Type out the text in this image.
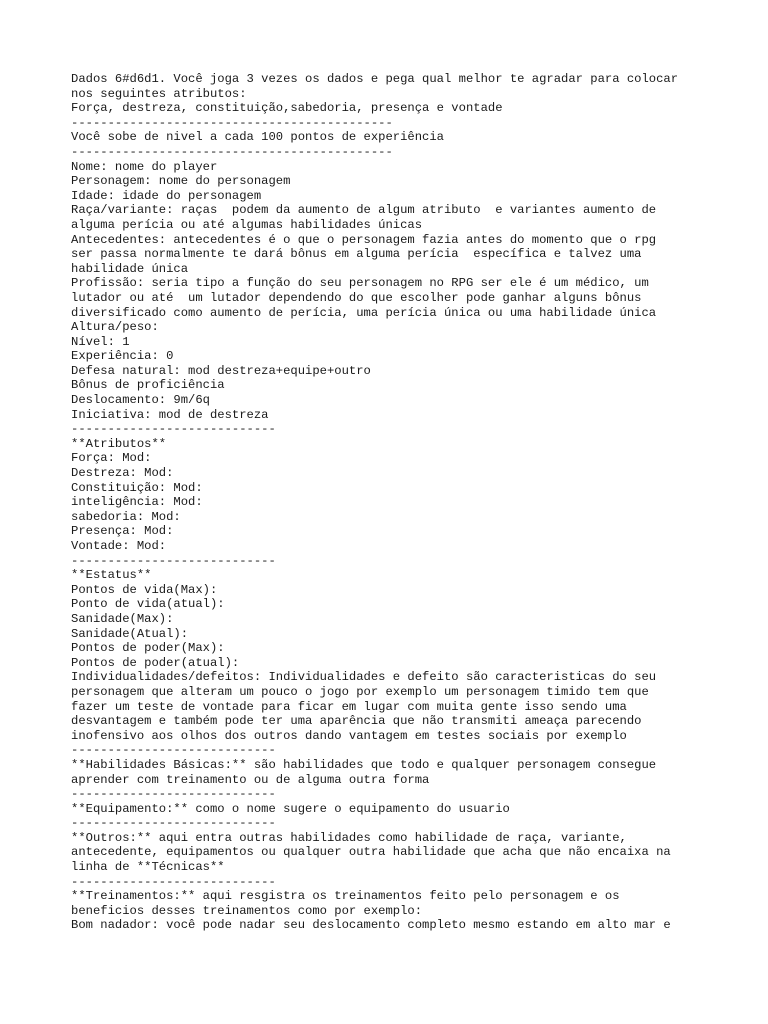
Dados 6#d6d1. Você joga 3 vezes os dados e pega qual melhor te agradar para colocar
nos seguintes atributos:
Força, destreza, constituição,sabedoria, presença e vontade
--------------------------------------------
Você sobe de nivel a cada 100 pontos de experiência
--------------------------------------------
Nome: nome do player
Personagem: nome do personagem
Idade: idade do personagem
Raça/variante: raças  podem da aumento de algum atributo  e variantes aumento de
alguma perícia ou até algumas habilidades únicas
Antecedentes: antecedentes é o que o personagem fazia antes do momento que o rpg
ser passa normalmente te dará bônus em alguma perícia  específica e talvez uma
habilidade única
Profissão: seria tipo a função do seu personagem no RPG ser ele é um médico, um
lutador ou até  um lutador dependendo do que escolher pode ganhar alguns bônus
diversificado como aumento de perícia, uma perícia única ou uma habilidade única
Altura/peso:
Nível: 1
Experiência: 0
Defesa natural: mod destreza+equipe+outro
Bônus de proficiência
Deslocamento: 9m/6q
Iniciativa: mod de destreza
----------------------------
**Atributos**
Força: Mod:
Destreza: Mod:
Constituição: Mod:
inteligência: Mod:
sabedoria: Mod:
Presença: Mod:
Vontade: Mod:
----------------------------
**Estatus**
Pontos de vida(Max):
Ponto de vida(atual):
Sanidade(Max):
Sanidade(Atual):
Pontos de poder(Max):
Pontos de poder(atual):
Individualidades/defeitos: Individualidades e defeito são caracteristicas do seu
personagem que alteram um pouco o jogo por exemplo um personagem timido tem que
fazer um teste de vontade para ficar em lugar com muita gente isso sendo uma
desvantagem e também pode ter uma aparência que não transmiti ameaça parecendo
inofensivo aos olhos dos outros dando vantagem em testes sociais por exemplo
----------------------------
**Habilidades Básicas:** são habilidades que todo e qualquer personagem consegue
aprender com treinamento ou de alguma outra forma
----------------------------
**Equipamento:** como o nome sugere o equipamento do usuario
----------------------------
**Outros:** aqui entra outras habilidades como habilidade de raça, variante,
antecedente, equipamentos ou qualquer outra habilidade que acha que não encaixa na
linha de **Técnicas**
----------------------------
**Treinamentos:** aqui resgistra os treinamentos feito pelo personagem e os
beneficios desses treinamentos como por exemplo:
Bom nadador: você pode nadar seu deslocamento completo mesmo estando em alto mar e
